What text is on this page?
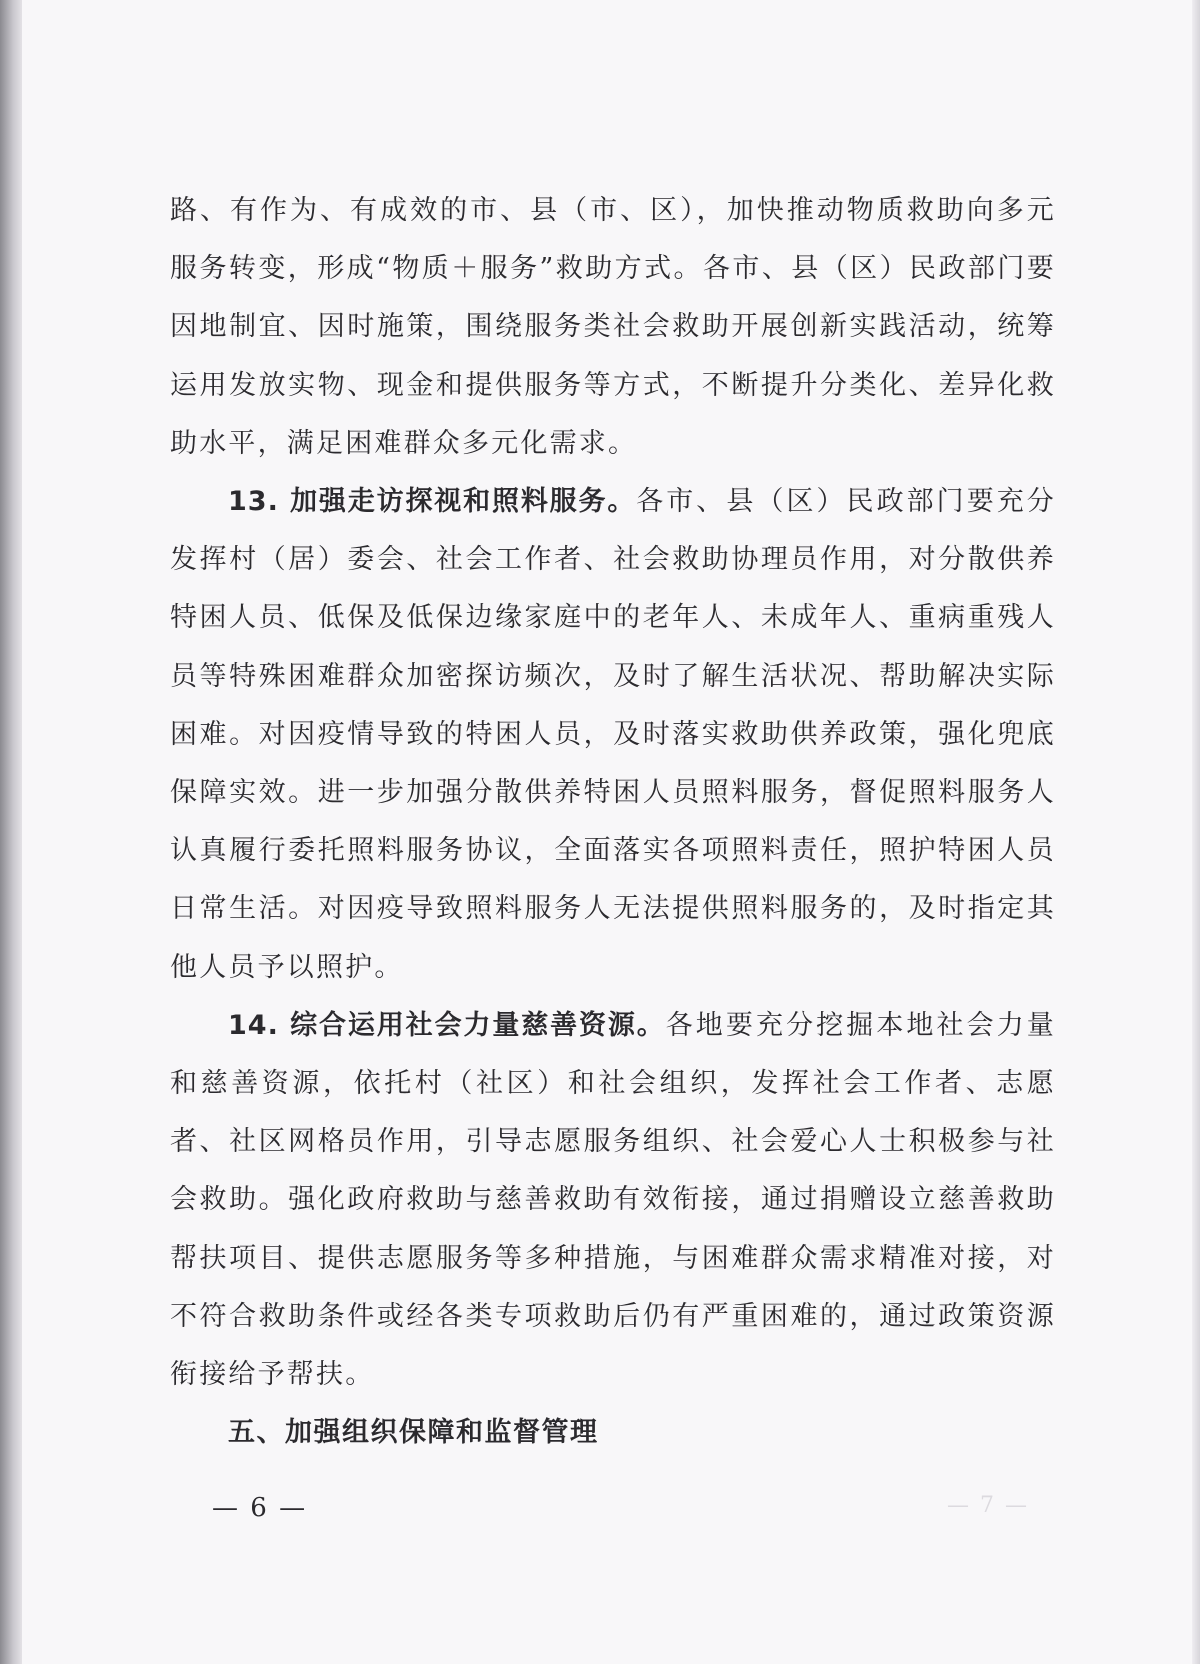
路、有作为、有成效的市、县（市、区），加快推动物质救助向多元服务转变，形成“物质＋服务”救助方式。各市、县（区）民政部门要因地制宜、因时施策，围绕服务类社会救助开展创新实践活动，统筹运用发放实物、现金和提供服务等方式，不断提升分类化、差异化救助水平，满足困难群众多元化需求。

13. 加强走访探视和照料服务。各市、县（区）民政部门要充分发挥村（居）委会、社会工作者、社会救助协理员作用，对分散供养特困人员、低保及低保边缘家庭中的老年人、未成年人、重病重残人员等特殊困难群众加密探访频次，及时了解生活状况、帮助解决实际困难。对因疫情导致的特困人员，及时落实救助供养政策，强化兜底保障实效。进一步加强分散供养特困人员照料服务，督促照料服务人认真履行委托照料服务协议，全面落实各项照料责任，照护特困人员日常生活。对因疫导致照料服务人无法提供照料服务的，及时指定其他人员予以照护。

14. 综合运用社会力量慈善资源。各地要充分挖掘本地社会力量和慈善资源，依托村（社区）和社会组织，发挥社会工作者、志愿者、社区网格员作用，引导志愿服务组织、社会爱心人士积极参与社会救助。强化政府救助与慈善救助有效衔接，通过捐赠设立慈善救助帮扶项目、提供志愿服务等多种措施，与困难群众需求精准对接，对不符合救助条件或经各类专项救助后仍有严重困难的，通过政策资源衔接给予帮扶。

五、加强组织保障和监督管理

— 6 —	— 7 —
